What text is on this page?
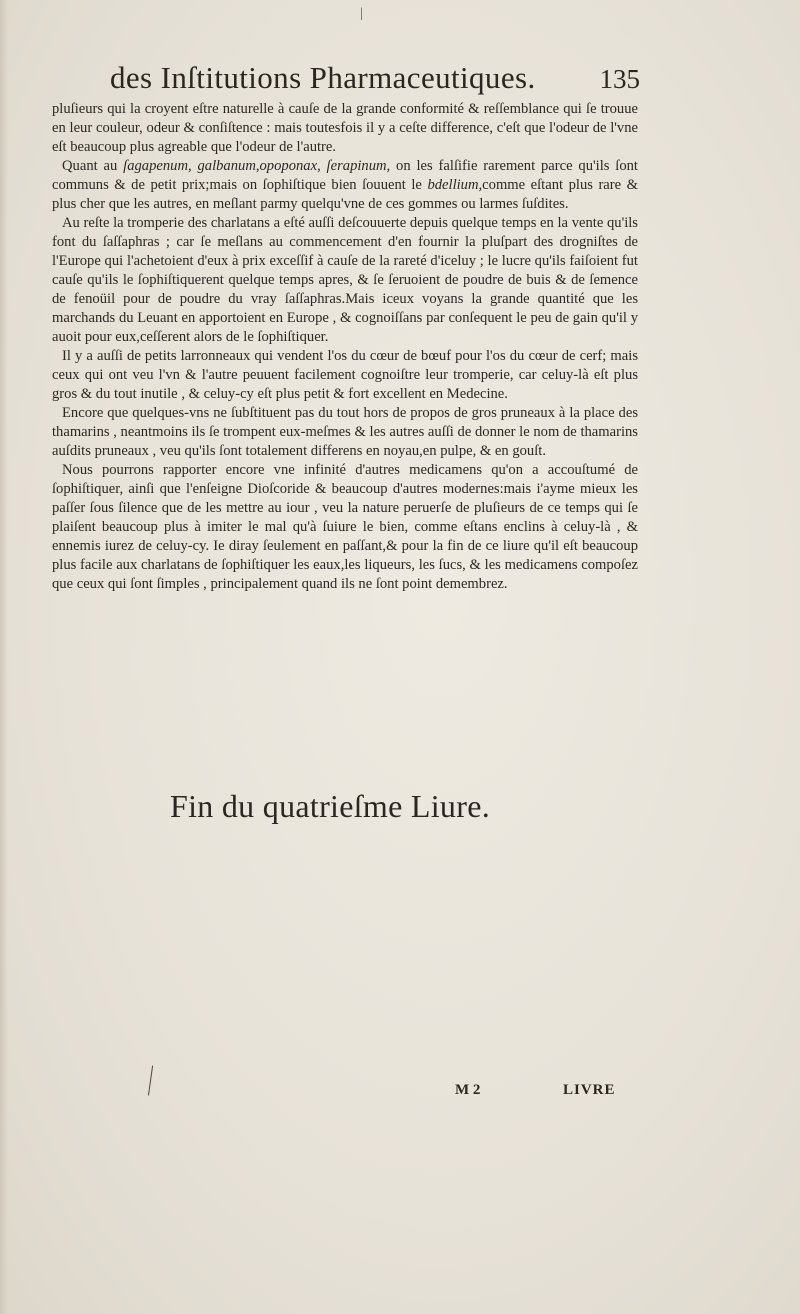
|
des Inſtitutions Pharmaceutiques. 135

pluſieurs qui la croyent eſtre naturelle à cauſe de la grande conformité & reſſemblance qui ſe trouue en leur couleur, odeur & conſiſtence : mais toutesfois il y a ceſte difference, c'eſt que l'odeur de l'vne eſt beaucoup plus agreable que l'odeur de l'autre.

Quant au ſagapenum, galbanum,opoponax, ſerapinum, on les falſifie rarement parce qu'ils ſont communs & de petit prix;mais on ſophiſtique bien ſouuent le bdellium,comme eſtant plus rare & plus cher que les autres, en meſlant parmy quelqu'vne de ces gommes ou larmes ſuſdites.

Au reſte la tromperie des charlatans a eſté auſſi deſcouuerte depuis quelque temps en la vente qu'ils font du ſaſſaphras ; car ſe meſlans au commencement d'en fournir la pluſpart des drogniſtes de l'Europe qui l'achetoient d'eux à prix exceſſif à cauſe de la rareté d'iceluy ; le lucre qu'ils faiſoient fut cauſe qu'ils le ſophiſtiquerent quelque temps apres, & ſe ſeruoient de poudre de buis & de ſemence de fenoüil pour de poudre du vray ſaſſaphras.Mais iceux voyans la grande quantité que les marchands du Leuant en apportoient en Europe , & cognoiſſans par conſequent le peu de gain qu'il y auoit pour eux,ceſſerent alors de le ſophiſtiquer.

Il y a auſſi de petits larronneaux qui vendent l'os du cœur de bœuf pour l'os du cœur de cerf; mais ceux qui ont veu l'vn & l'autre peuuent facilement cognoiſtre leur tromperie, car celuy-là eſt plus gros & du tout inutile , & celuy-cy eſt plus petit & fort excellent en Medecine.

Encore que quelques-vns ne ſubſtituent pas du tout hors de propos de gros pruneaux à la place des thamarins , neantmoins ils ſe trompent eux-meſmes & les autres auſſi de donner le nom de thamarins auſdits pruneaux , veu qu'ils ſont totalement differens en noyau,en pulpe, & en gouſt.

Nous pourrons rapporter encore vne infinité d'autres medicamens qu'on a accouſtumé de ſophiſtiquer, ainſi que l'enſeigne Dioſcoride & beaucoup d'autres modernes:mais i'ayme mieux les paſſer ſous ſilence que de les mettre au iour , veu la nature peruerſe de pluſieurs de ce temps qui ſe plaiſent beaucoup plus à imiter le mal qu'à ſuiure le bien, comme eſtans enclins à celuy-là , & ennemis iurez de celuy-cy. Ie diray ſeulement en paſſant,& pour la fin de ce liure qu'il eſt beaucoup plus facile aux charlatans de ſophiſtiquer les eaux,les liqueurs, les ſucs, & les medicamens compoſez que ceux qui ſont ſimples , principalement quand ils ne ſont point demembrez.

Fin du quatrieſme Liure.
M 2	LIVRE
